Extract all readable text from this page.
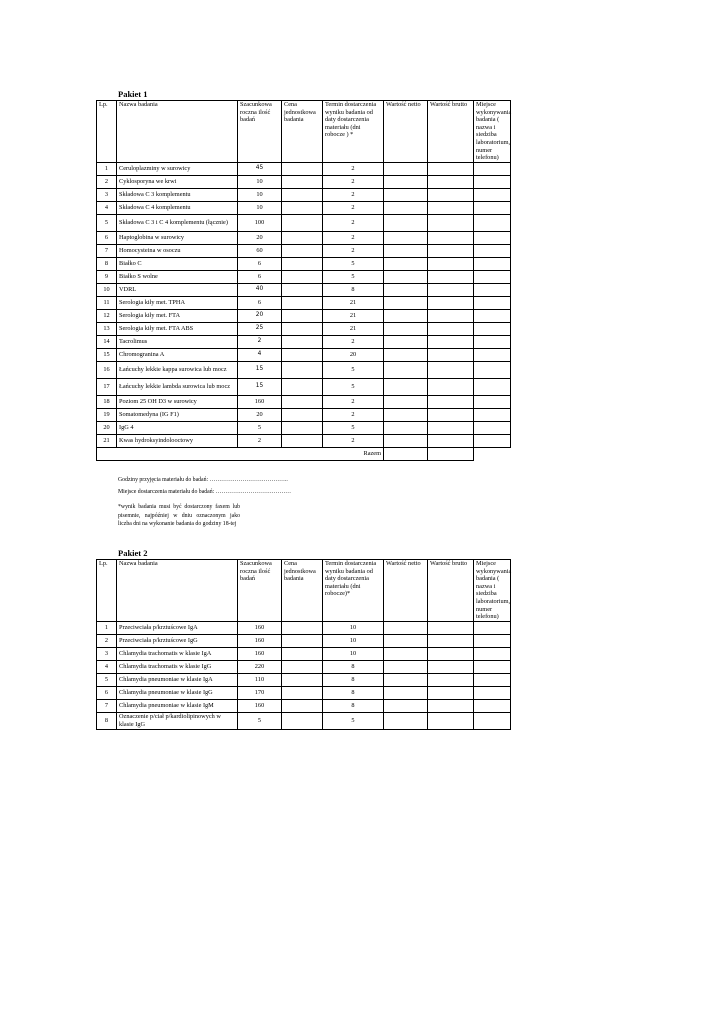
Pakiet 1
Lp.	Nazwa badania	Szacunkowa roczna ilość badań	Cena jednostkowa badania	Termin dostarczenia wyniku badania od daty dostarczenia materiału (dni robocze ) *	Wartość netto	Wartość brutto	Miejsce wykonywania badania ( nazwa i siedziba laboratorium, numer telefonu)
1	Ceruloplazminy w surowicy	45		2			
2	Cyklosporyna we krwi	10		2			
3	Składowa C 3 komplementu	10		2			
4	Składowa C 4 komplementu	10		2			
5	Składowa C 3 i C 4 komplementu (łącznie)	100		2			
6	Haptoglobina w surowicy	20		2			
7	Homocysteina w osoczu	60		2			
8	Białko C	6		5			
9	Białko S wolne	6		5			
10	VDRL	40		8			
11	Serologia kiły met. TPHA	6		21			
12	Serologia kiły met. FTA	20		21			
13	Serologia kiły met. FTA ABS	25		21			
14	Tacrolimus	2		2			
15	Chromogranina A	4		20			
16	Łańcuchy lekkie kappa surowica lub mocz	15		5			
17	Łańcuchy lekkie lambda surowica lub mocz	15		5			
18	Poziom 25 OH D3 w surowicy	160		2			
19	Somatomedyna (IG F1)	20		2			
20	IgG 4	5		5			
21	Kwas hydroksyindolooctowy	2		2			
Razem							
Godziny przyjęcia materiału do badań: …………………………………..
Miejsce dostarczenia materiału do badań: …………………………………
*wynik badania musi być dostarczony faxem lub pisemnie, najpóźniej w dniu oznaczonym jako liczba dni na wykonanie badania do godziny 18-tej
Pakiet 2
Lp.	Nazwa badania	Szacunkowa roczna ilość badań	Cena jednostkowa badania	Termin dostarczenia wyniku badania od daty dostarczenia materiału (dni robocze)*	Wartość netto	Wartość brutto	Miejsce wykonywania badania ( nazwa i siedziba laboratorium, numer telefonu)
1	Przeciwciała p/krztuścowe IgA	160		10			
2	Przeciwciała p/krztuścowe IgG	160		10			
3	Chlamydia trachomatis w klasie IgA	160		10			
4	Chlamydia trachomatis w klasie IgG	220		8			
5	Chlamydia pneumoniae w klasie IgA	110		8			
6	Chlamydia pneumoniae w klasie IgG	170		8			
7	Chlamydia pneumoniae w klasie IgM	160		8			
8	Oznaczenie p/ciał p/kardiolipinowych w klasie IgG	5		5			
